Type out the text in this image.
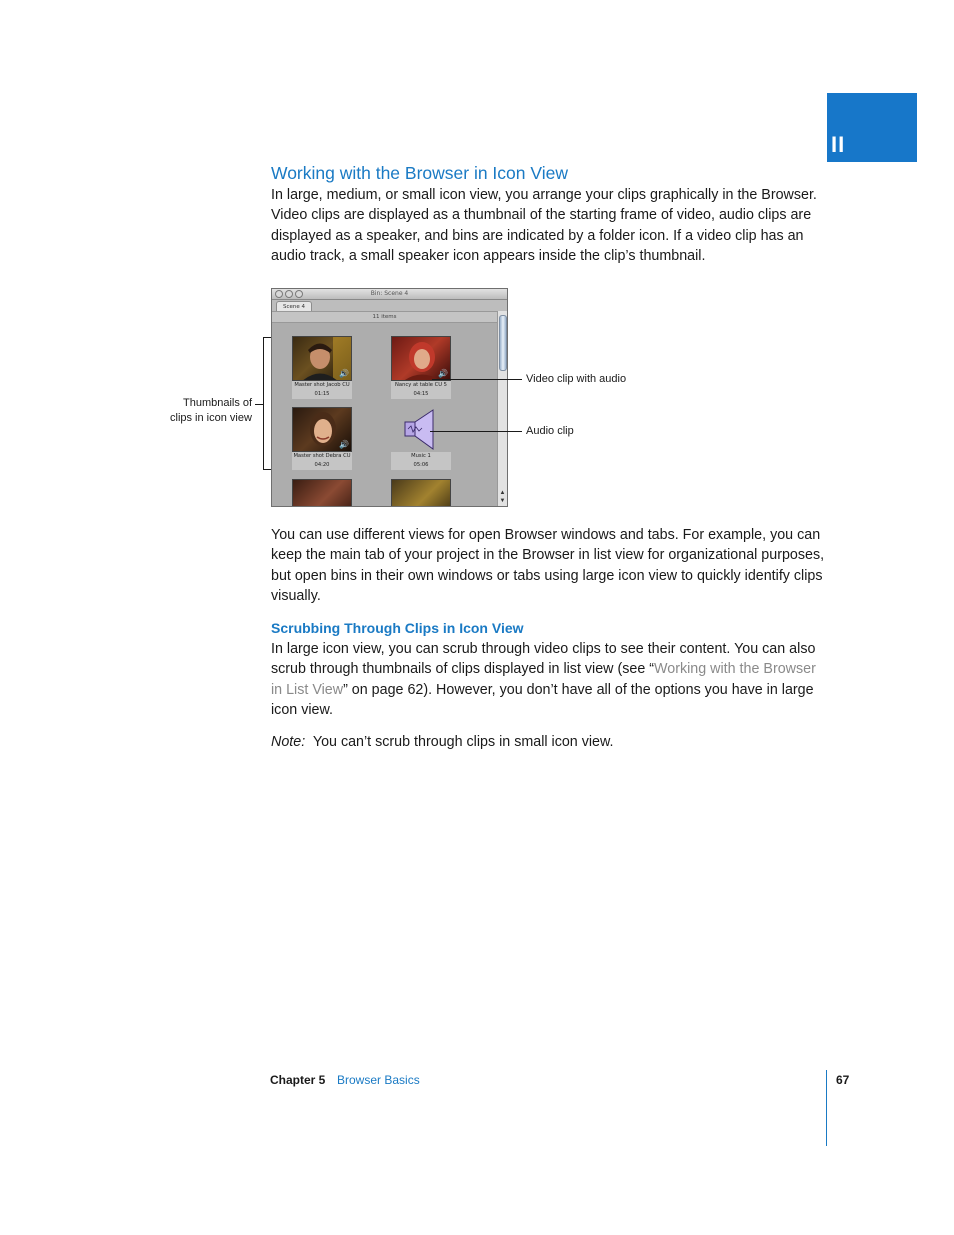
II
Working with the Browser in Icon View

In large, medium, or small icon view, you arrange your clips graphically in the Browser. Video clips are displayed as a thumbnail of the starting frame of video, audio clips are displayed as a speaker, and bins are indicated by a folder icon. If a video clip has an audio track, a small speaker icon appears inside the clip’s thumbnail.

Bin: Scene 4
Scene 4
11 items
▲
▼
🔊
Master shot Jacob CU
01:15
🔊
Nancy at table CU 5
04:15
🔊
Master shot Debra CU
04:20
Music 1
05:06

Thumbnails of

clips in icon view

Video clip with audio

Audio clip

You can use different views for open Browser windows and tabs. For example, you can keep the main tab of your project in the Browser in list view for organizational purposes, but open bins in their own windows or tabs using large icon view to quickly identify clips visually.

Scrubbing Through Clips in Icon View

In large icon view, you can scrub through video clips to see their content. You can also scrub through thumbnails of clips displayed in list view (see “Working with the Browser in List View” on page 62). However, you don’t have all of the options you have in large icon view.

Note: You can’t scrub through clips in small icon view.

Chapter 5 Browser Basics	67
